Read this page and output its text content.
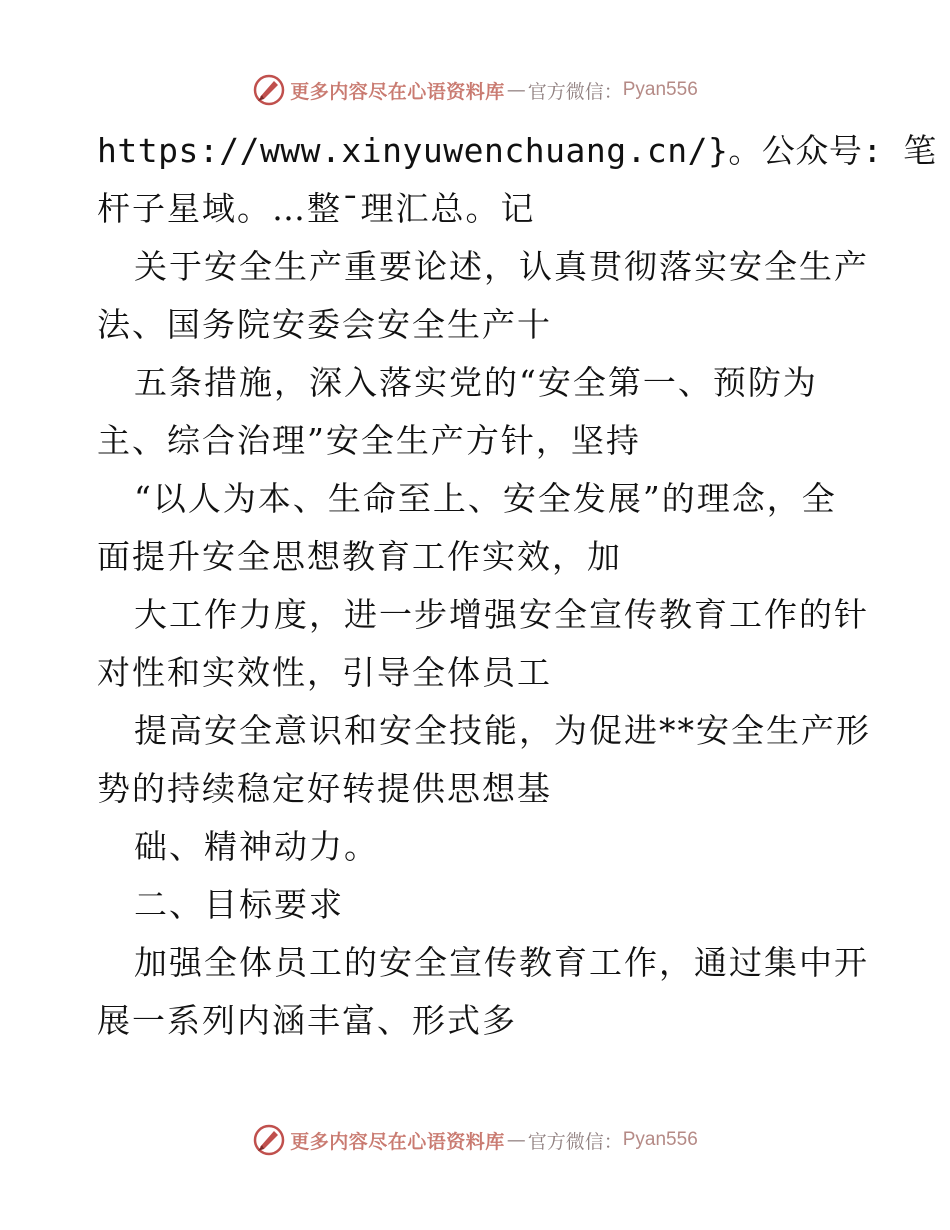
更多内容尽在心语资料库 — 官方微信： Pyan556
https://www.xinyuwenchuang.cn/}。公众号: 笔
杆子星域。…整¯理汇总。记
关于安全生产重要论述，认真贯彻落实安全生产
法、国务院安委会安全生产十
五条措施，深入落实党的“安全第一、预防为
主、综合治理”安全生产方针，坚持
“以人为本、生命至上、安全发展”的理念，全
面提升安全思想教育工作实效，加
大工作力度，进一步增强安全宣传教育工作的针
对性和实效性，引导全体员工
提高安全意识和安全技能，为促进**安全生产形
势的持续稳定好转提供思想基
础、精神动力。
二、目标要求
加强全体员工的安全宣传教育工作，通过集中开
展一系列内涵丰富、形式多
更多内容尽在心语资料库 — 官方微信： Pyan556
